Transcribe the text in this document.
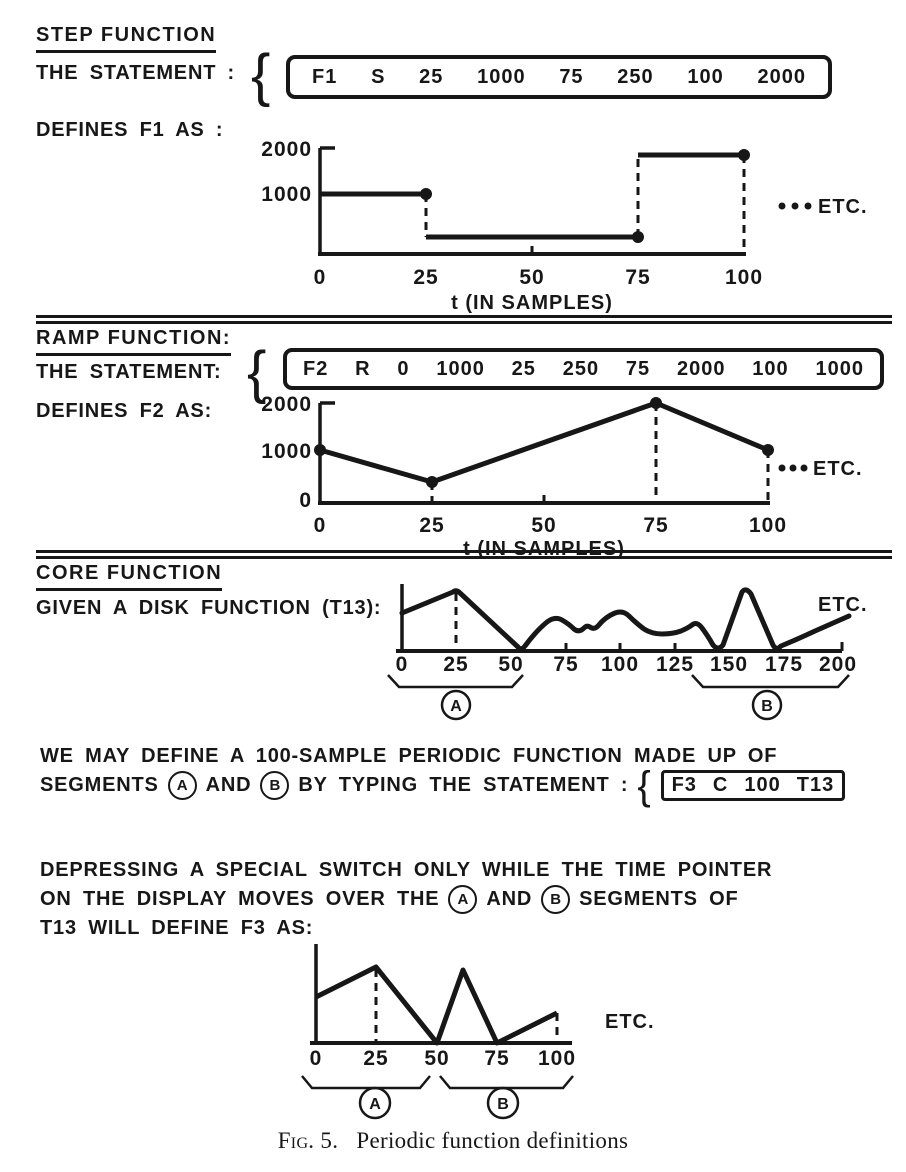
STEP FUNCTION
THE STATEMENT : { F1 S 25 1000 75 250 100 2000
DEFINES F1 AS :
2000
1000
0	25	50	75	100
t (IN SAMPLES)
ETC.
RAMP FUNCTION:
THE STATEMENT: { F2 R 0 1000 25 250 75 2000 100 1000
DEFINES F2 AS: 2000
1000
0
0	25	50	75	100
t (IN SAMPLES)
ETC.
CORE FUNCTION
GIVEN A DISK FUNCTION (T13):
0 25 50 75 100 125 150 175 200
A	B
ETC.
WE MAY DEFINE A 100-SAMPLE PERIODIC FUNCTION MADE UP OF
SEGMENTS	A AND	B BY TYPING THE STATEMENT : { F3 C 100 T13
DEPRESSING A SPECIAL SWITCH ONLY WHILE THE TIME POINTER
ON THE DISPLAY MOVES OVER THE	A AND	B SEGMENTS OF
T13 WILL DEFINE F3 AS:
0 25 50 75 100
A	B
ETC.
Fig. 5. Periodic function definitions
